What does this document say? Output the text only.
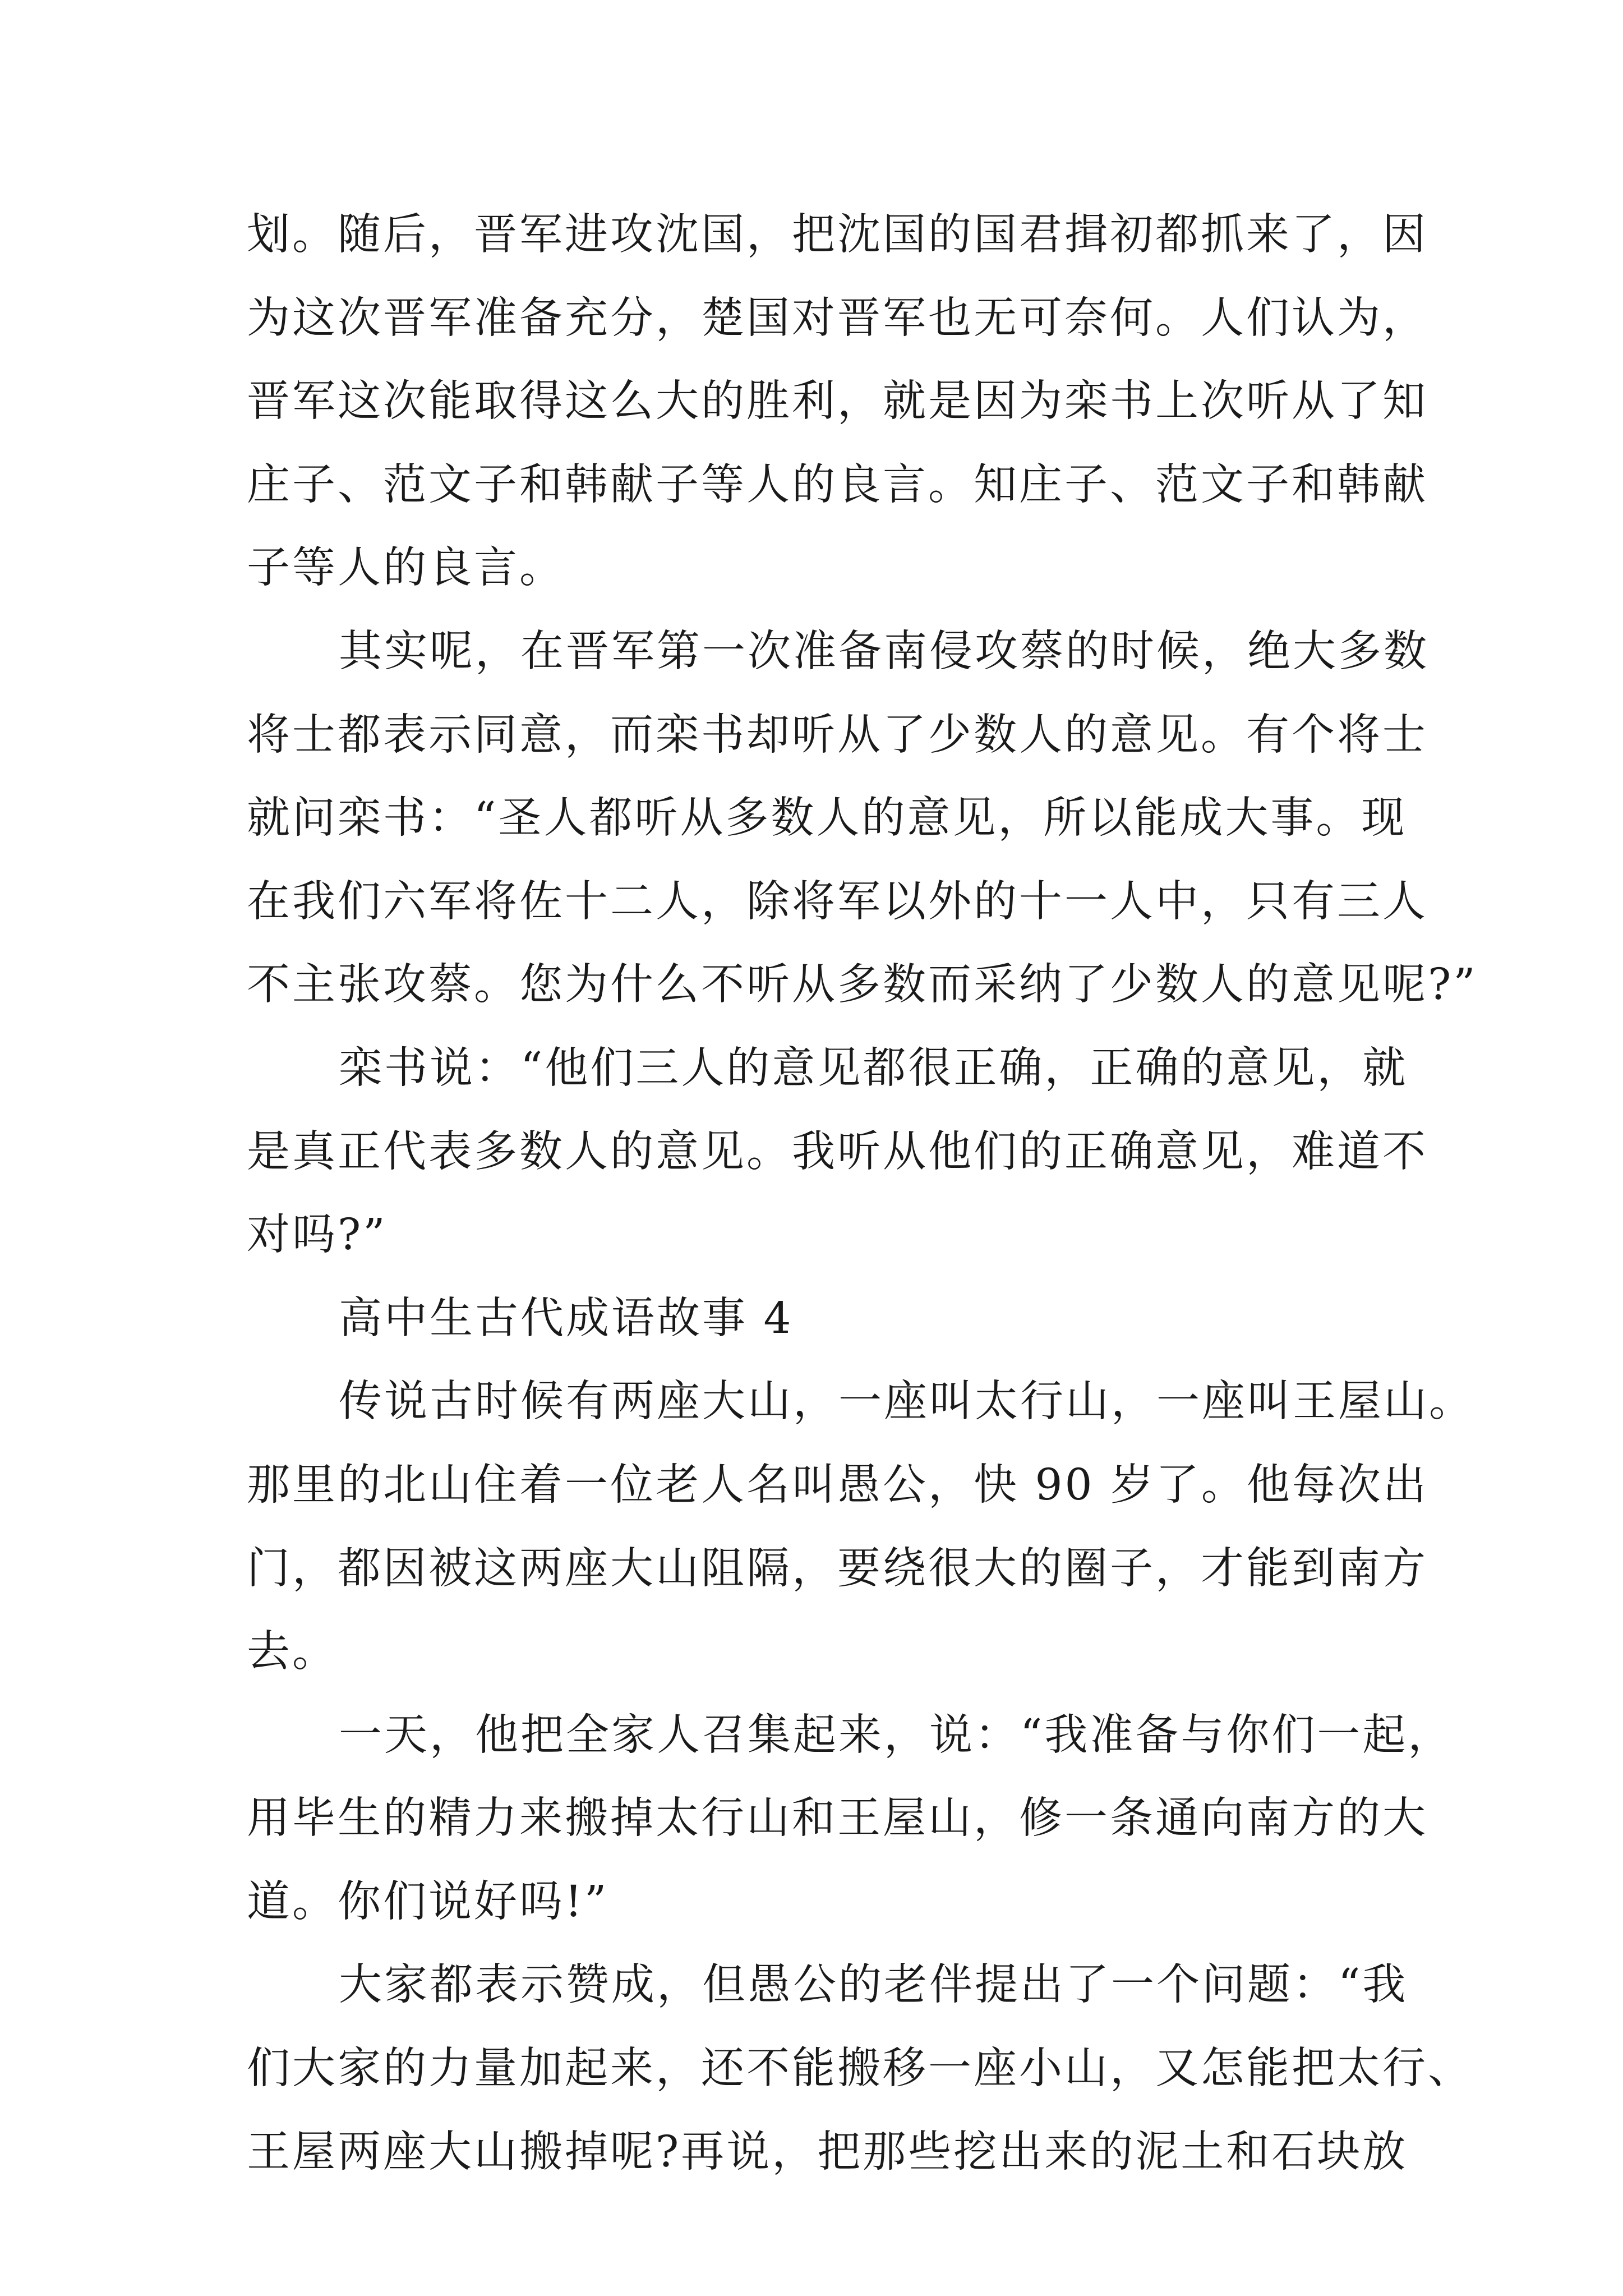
划。随后，晋军进攻沈国，把沈国的国君揖初都抓来了，因
为这次晋军准备充分，楚国对晋军也无可奈何。人们认为，
晋军这次能取得这么大的胜利，就是因为栾书上次听从了知
庄子、范文子和韩献子等人的良言。知庄子、范文子和韩献
子等人的良言。
其实呢，在晋军第一次准备南侵攻蔡的时候，绝大多数
将士都表示同意，而栾书却听从了少数人的意见。有个将士
就问栾书：“圣人都听从多数人的意见，所以能成大事。现
在我们六军将佐十二人，除将军以外的十一人中，只有三人
不主张攻蔡。您为什么不听从多数而采纳了少数人的意见呢?”
栾书说：“他们三人的意见都很正确，正确的意见，就
是真正代表多数人的意见。我听从他们的正确意见，难道不
对吗?”
高中生古代成语故事 4
传说古时候有两座大山，一座叫太行山，一座叫王屋山。
那里的北山住着一位老人名叫愚公，快 90 岁了。他每次出
门，都因被这两座大山阻隔，要绕很大的圈子，才能到南方
去。
一天，他把全家人召集起来，说：“我准备与你们一起，
用毕生的精力来搬掉太行山和王屋山，修一条通向南方的大
道。你们说好吗!”
大家都表示赞成，但愚公的老伴提出了一个问题：“我
们大家的力量加起来，还不能搬移一座小山，又怎能把太行、
王屋两座大山搬掉呢?再说，把那些挖出来的泥土和石块放
